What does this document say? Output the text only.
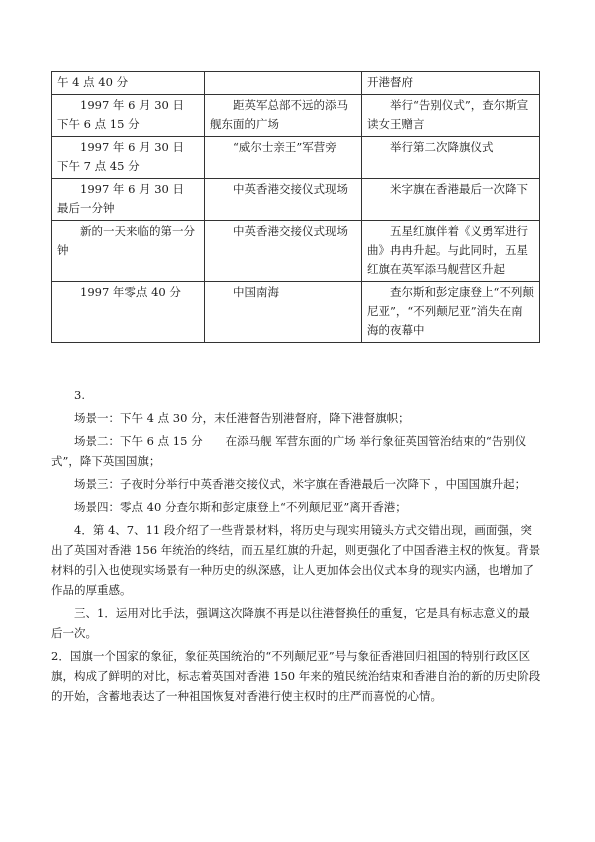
午 4 点 40 分		开港督府
1997 年 6 月 30 日　下午 6 点 15 分	距英军总部不远的添马舰东面的广场	举行“告别仪式”，查尔斯宣读女王赠言
1997 年 6 月 30 日　下午 7 点 45 分	“威尔士亲王”军营旁	举行第二次降旗仪式
1997 年 6 月 30 日　最后一分钟	中英香港交接仪式现场	米字旗在香港最后一次降下
新的一天来临的第一分钟	中英香港交接仪式现场	五星红旗伴着《义勇军进行曲》冉冉升起。与此同时，五星红旗在英军添马舰营区升起
1997 年零点 40 分	中国南海	查尔斯和彭定康登上“不列颠尼亚”，“不列颠尼亚”消失在南海的夜幕中

3.

场景一：下午 4 点 30 分，末任港督告别港督府，降下港督旗帜；

场景二：下午 6 点 15 分　　在添马舰 军营东面的广场 举行象征英国管治结束的“告别仪式”，降下英国国旗；

场景三：子夜时分举行中英香港交接仪式，米字旗在香港最后一次降下 ，中国国旗升起；

场景四：零点 40 分查尔斯和彭定康登上“不列颠尼亚”离开香港；

4．第 4、7、11 段介绍了一些背景材料，将历史与现实用镜头方式交错出现，画面强，突出了英国对香港 156 年统治的终结，而五星红旗的升起，则更强化了中国香港主权的恢复。背景材料的引入也使现实场景有一种历史的纵深感，让人更加体会出仪式本身的现实内涵，也增加了作品的厚重感。

三、1．运用对比手法，强调这次降旗不再是以往港督换任的重复，它是具有标志意义的最后一次。

2．国旗一个国家的象征，象征英国统治的“不列颠尼亚”号与象征香港回归祖国的特别行政区区旗，构成了鲜明的对比，标志着英国对香港 150 年来的殖民统治结束和香港自治的新的历史阶段的开始，含蓄地表达了一种祖国恢复对香港行使主权时的庄严而喜悦的心情。
